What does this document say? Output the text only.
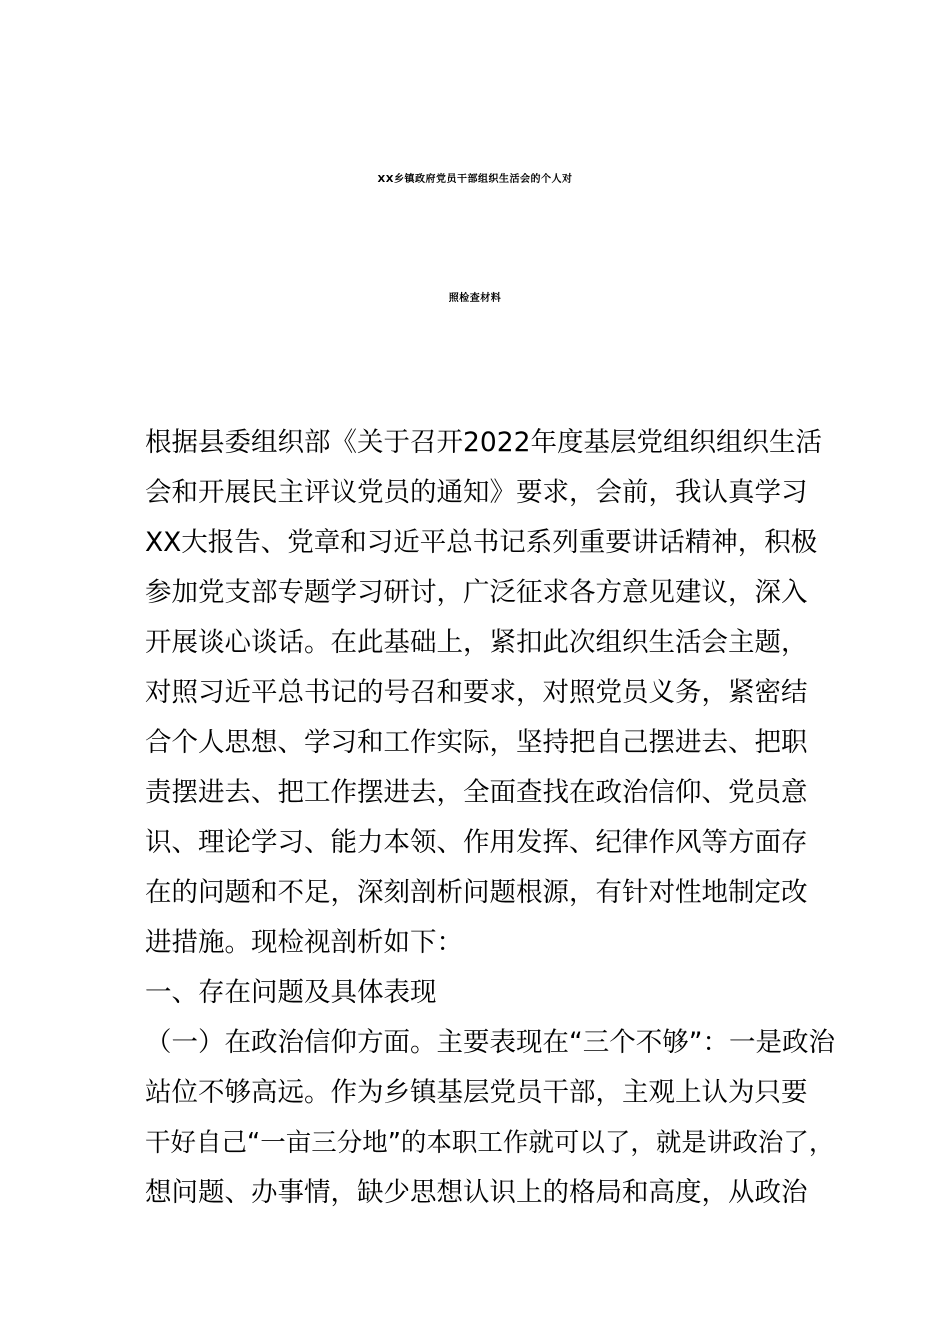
XX乡镇政府党员干部组织生活会的个人对
照检查材料
根据县委组织部《关于召开2022年度基层党组织组织生活
会和开展民主评议党员的通知》要求，会前，我认真学习
XX大报告、党章和习近平总书记系列重要讲话精神，积极
参加党支部专题学习研讨，广泛征求各方意见建议，深入
开展谈心谈话。在此基础上，紧扣此次组织生活会主题，
对照习近平总书记的号召和要求，对照党员义务，紧密结
合个人思想、学习和工作实际，坚持把自己摆进去、把职
责摆进去、把工作摆进去，全面查找在政治信仰、党员意
识、理论学习、能力本领、作用发挥、纪律作风等方面存
在的问题和不足，深刻剖析问题根源，有针对性地制定改
进措施。现检视剖析如下：
一、存在问题及具体表现
（一）在政治信仰方面。主要表现在“三个不够”：一是政治
站位不够高远。作为乡镇基层党员干部，主观上认为只要
干好自己“一亩三分地”的本职工作就可以了，就是讲政治了，
想问题、办事情，缺少思想认识上的格局和高度，从政治
